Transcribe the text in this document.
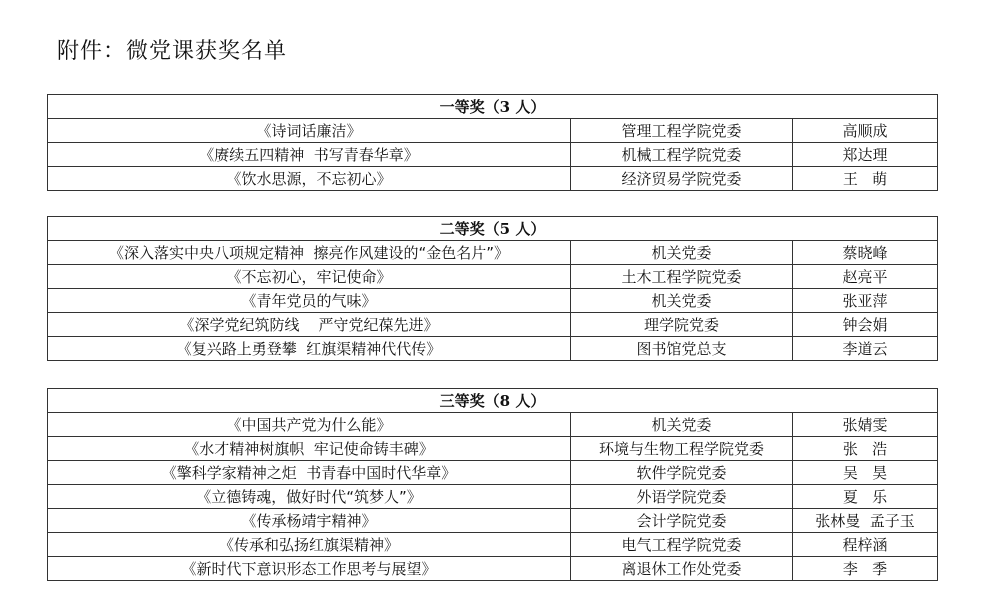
附件：微党课获奖名单
一等奖（3 人）		
《诗词话廉洁》	管理工程学院党委	高顺成
《赓续五四精神  书写青春华章》	机械工程学院党委	郑达理
《饮水思源，不忘初心》	经济贸易学院党委	王   萌
二等奖（5 人）		
《深入落实中央八项规定精神  擦亮作风建设的“金色名片”》	机关党委	蔡晓峰
《不忘初心，牢记使命》	土木工程学院党委	赵亮平
《青年党员的气味》	机关党委	张亚萍
《深学党纪筑防线    严守党纪葆先进》	理学院党委	钟会娟
《复兴路上勇登攀  红旗渠精神代代传》	图书馆党总支	李道云
三等奖（8 人）		
《中国共产党为什么能》	机关党委	张婧雯
《水才精神树旗帜  牢记使命铸丰碑》	环境与生物工程学院党委	张   浩
《擎科学家精神之炬  书青春中国时代华章》	软件学院党委	吴   昊
《立德铸魂，做好时代“筑梦人”》	外语学院党委	夏   乐
《传承杨靖宇精神》	会计学院党委	张林曼  孟子玉
《传承和弘扬红旗渠精神》	电气工程学院党委	程梓涵
《新时代下意识形态工作思考与展望》	离退休工作处党委	李   季
